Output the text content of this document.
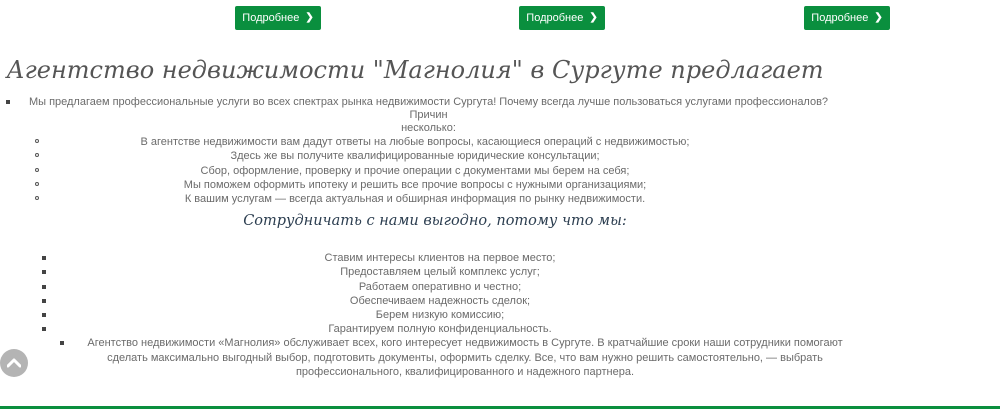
Подробнее ❯	Подробнее ❯	Подробнее ❯
Агентство недвижимости "Магнолия" в Сургуте предлагает
Мы предлагаем профессиональные услуги во всех спектрах рынка недвижимости Сургута! Почему всегда лучше пользоваться услугами профессионалов? Причин
несколько:
В агентстве недвижимости вам дадут ответы на любые вопросы, касающиеся операций с недвижимостью;
Здесь же вы получите квалифицированные юридические консультации;
Сбор, оформление, проверку и прочие операции с документами мы берем на себя;
Мы поможем оформить ипотеку и решить все прочие вопросы с нужными организациями;
К вашим услугам — всегда актуальная и обширная информация по рынку недвижимости.
Сотрудничать с нами выгодно, потому что мы:
Ставим интересы клиентов на первое место;
Предоставляем целый комплекс услуг;
Работаем оперативно и честно;
Обеспечиваем надежность сделок;
Берем низкую комиссию;
Гарантируем полную конфиденциальность.
Агентство недвижимости «Магнолия» обслуживает всех, кого интересует недвижимость в Сургуте. В кратчайшие сроки наши сотрудники помогают
сделать максимально выгодный выбор, подготовить документы, оформить сделку. Все, что вам нужно решить самостоятельно, — выбрать
профессионального, квалифицированного и надежного партнера.
